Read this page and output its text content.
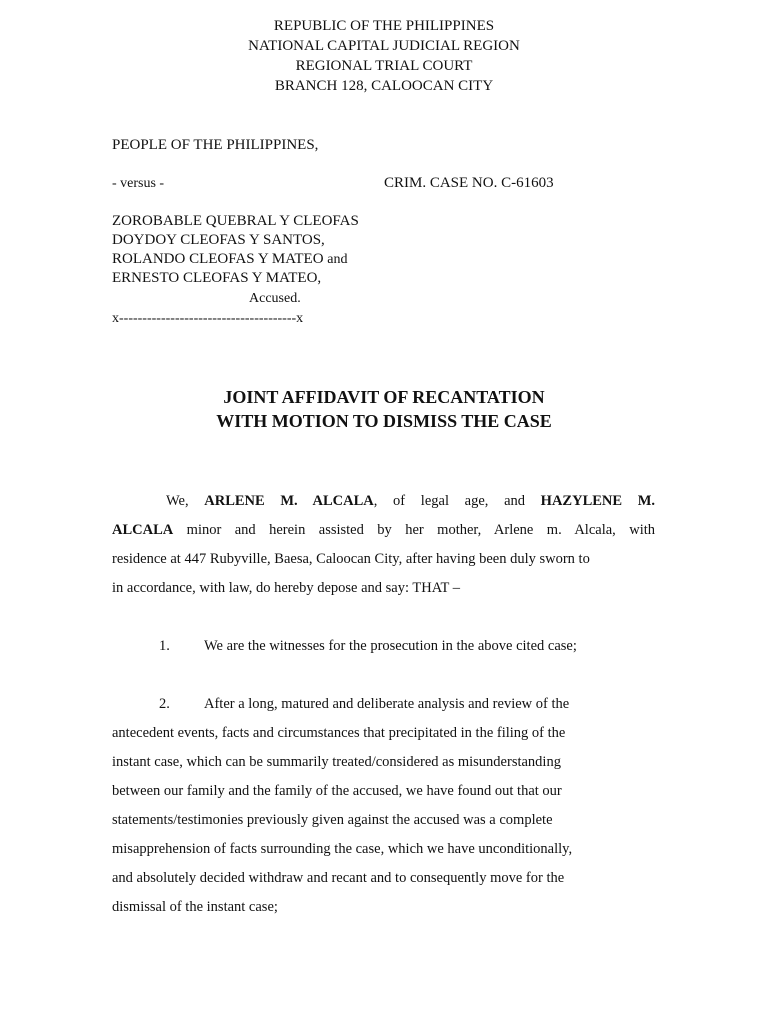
REPUBLIC OF THE PHILIPPINES
NATIONAL CAPITAL JUDICIAL REGION
REGIONAL TRIAL COURT
BRANCH 128, CALOOCAN CITY
PEOPLE OF THE PHILIPPINES,
- versus -	CRIM. CASE NO. C-61603
ZOROBABLE QUEBRAL Y CLEOFAS
DOYDOY CLEOFAS Y SANTOS,
ROLANDO CLEOFAS Y MATEO and
ERNESTO CLEOFAS Y MATEO,
Accused.
x--------------------------------------x
JOINT AFFIDAVIT OF RECANTATION
WITH MOTION TO DISMISS THE CASE
We, ARLENE M. ALCALA, of legal age, and HAZYLENE M.
ALCALA minor and herein assisted by her mother, Arlene m. Alcala, with
residence at 447 Rubyville, Baesa, Caloocan City, after having been duly sworn to
in accordance, with law, do hereby depose and say: THAT –
1. We are the witnesses for the prosecution in the above cited case;
2. After a long, matured and deliberate analysis and review of the
antecedent events, facts and circumstances that precipitated in the filing of the
instant case, which can be summarily treated/considered as misunderstanding
between our family and the family of the accused, we have found out that our
statements/testimonies previously given against the accused was a complete
misapprehension of facts surrounding the case, which we have unconditionally,
and absolutely decided withdraw and recant and to consequently move for the
dismissal of the instant case;
